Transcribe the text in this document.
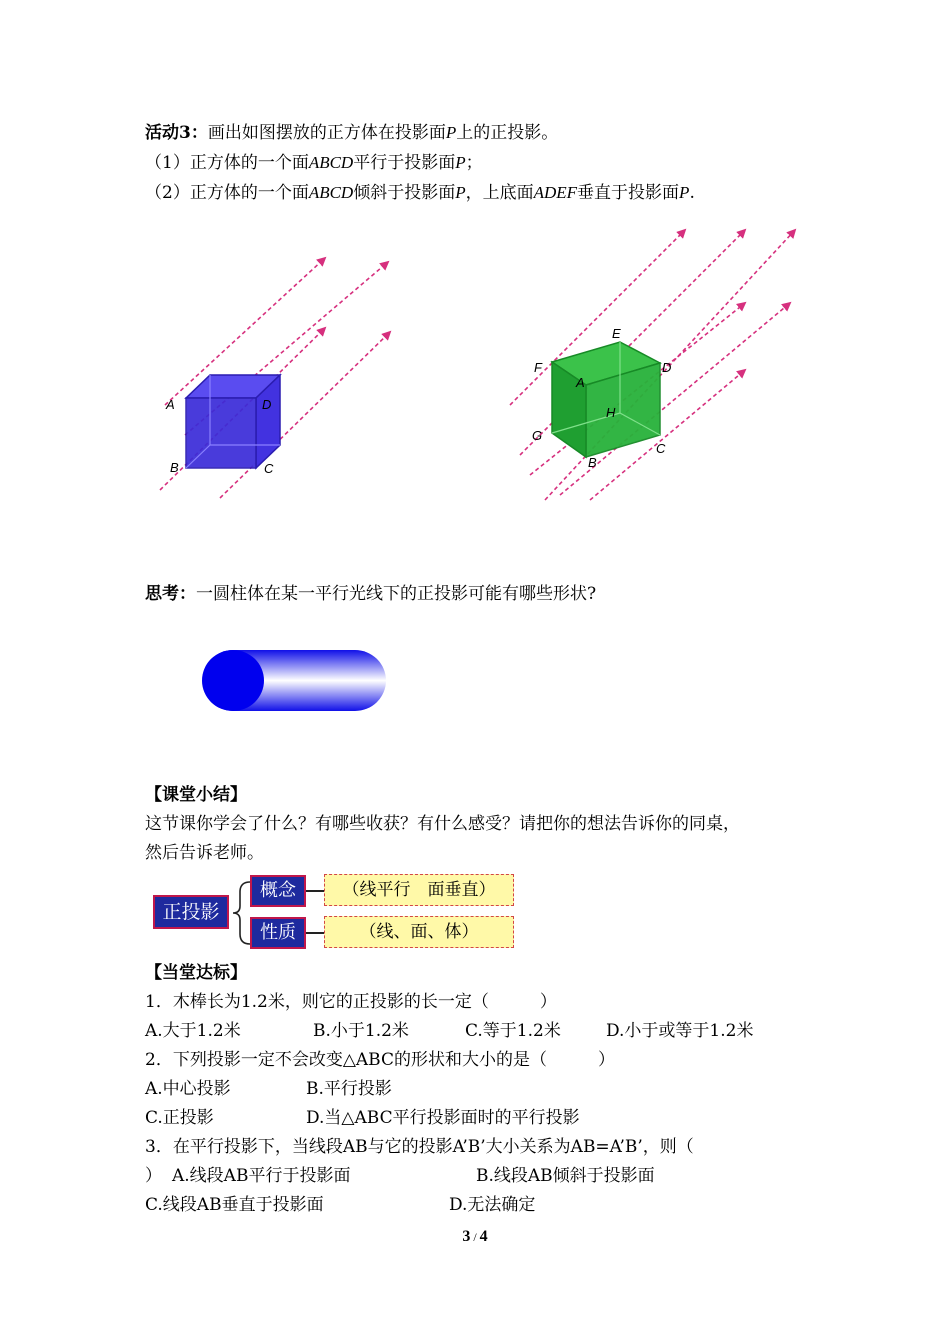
活动3：画出如图摆放的正方体在投影面P上的正投影。
（1）正方体的一个面ABCD平行于投影面P；
（2）正方体的一个面ABCD倾斜于投影面P，上底面ADEF垂直于投影面P.
A	D
B	C
E
F
A
D
H
G
B
C
思考：一圆柱体在某一平行光线下的正投影可能有哪些形状?
【课堂小结】
这节课你学会了什么？有哪些收获？有什么感受？请把你的想法告诉你的同桌，
然后告诉老师。
正投影
概念
性质
（线平行　面垂直）
（线、面、体）
【当堂达标】
1．木棒长为1.2米，则它的正投影的长一定（　　　）
A.大于1.2米	B.小于1.2米	C.等于1.2米	D.小于或等于1.2米
2．下列投影一定不会改变△ABC的形状和大小的是（　　　）
A.中心投影	B.平行投影
C.正投影	D.当△ABC平行投影面时的平行投影
3．在平行投影下，当线段AB与它的投影A’B’大小关系为AB=A’B’，则（
） A.线段AB平行于投影面	B.线段AB倾斜于投影面
C.线段AB垂直于投影面	D.无法确定
3 / 4
